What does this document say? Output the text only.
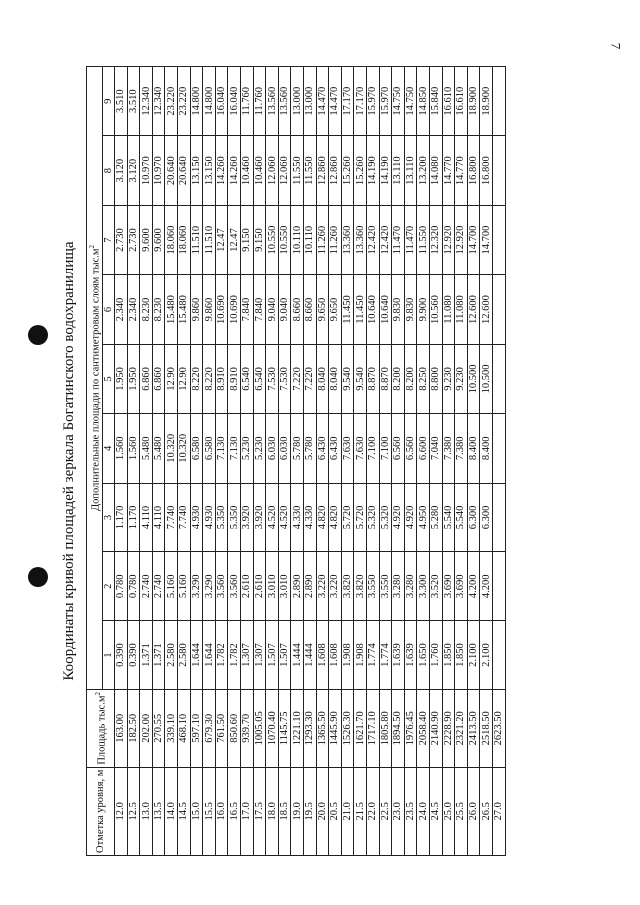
7
Координаты кривой площадей зеркала Богатинского водохранилища
Отметка уровня, м	Площадь $тыс.м^2$	Дополнительные площади по сантиметровым слоям $тыс.м^2$
		1	2	3	4	5	6	7	8	9
12.0	163.00	0.390	0.780	1.170	1.560	1.950	2.340	2.730	3.120	3.510
12.5	182.50	0.390	0.780	1.170	1.560	1.950	2.340	2.730	3.120	3.510
13.0	202.00	1.371	2.740	4.110	5.480	6.860	8.230	9.600	10.970	12.340
13.5	270.55	1.371	2.740	4.110	5.480	6.860	8.230	9.600	10.970	12.340
14.0	339.10	2.580	5.160	7.740	10.320	12.90	15.480	18.060	20.640	23.220
14.5	468.10	2.580	5.160	7.740	10.320	12.90	15.480	18.060	20.640	23.220
15.0	597.10	1.644	3.290	4.930	6.580	8.220	9.860	11.510	13.150	14.800
15.5	679.30	1.644	3.290	4.930	6.580	8.220	9.860	11.510	13.150	14.800
16.0	761.50	1.782	3.560	5.350	7.130	8.910	10.690	12.47	14.260	16.040
16.5	850.60	1.782	3.560	5.350	7.130	8.910	10.690	12.47	14.260	16.040
17.0	939.70	1.307	2.610	3.920	5.230	6.540	7.840	9.150	10.460	11.760
17.5	1005.05	1.307	2.610	3.920	5.230	6.540	7.840	9.150	10.460	11.760
18.0	1070.40	1.507	3.010	4.520	6.030	7.530	9.040	10.550	12.060	13.560
18.5	1145.75	1.507	3.010	4.520	6.030	7.530	9.040	10.550	12.060	13.560
19.0	1221.10	1.444	2.890	4.330	5.780	7.220	8.660	10.110	11.550	13.000
19.5	1293.30	1.444	2.890	4.330	5.780	7.220	8.660	10.110	11.550	13.000
20.0	1365.50	1.608	3.220	4.820	6.430	8.040	9.650	11.260	12.860	14.470
20.5	1445.90	1.608	3.220	4.820	6.430	8.040	9.650	11.260	12.860	14.470
21.0	1526.30	1.908	3.820	5.720	7.630	9.540	11.450	13.360	15.260	17.170
21.5	1621.70	1.908	3.820	5.720	7.630	9.540	11.450	13.360	15.260	17.170
22.0	1717.10	1.774	3.550	5.320	7.100	8.870	10.640	12.420	14.190	15.970
22.5	1805.80	1.774	3.550	5.320	7.100	8.870	10.640	12.420	14.190	15.970
23.0	1894.50	1.639	3.280	4.920	6.560	8.200	9.830	11.470	13.110	14.750
23.5	1976.45	1.639	3.280	4.920	6.560	8.200	9.830	11.470	13.110	14.750
24.0	2058.40	1.650	3.300	4.950	6.600	8.250	9.900	11.550	13.200	14.850
24.5	2140.90	1.760	3.520	5.280	7.040	8.800	10.560	12.320	14.080	15.840
25.0	2228.90	1.850	3.690	5.540	7.380	9.230	11.080	12.920	14.770	16.610
25.5	2321.20	1.850	3.690	5.540	7.380	9.230	11.080	12.920	14.770	16.610
26.0	2413.50	2.100	4.200	6.300	8.400	10.500	12.600	14.700	16.800	18.900
26.5	2518.50	2.100	4.200	6.300	8.400	10.500	12.600	14.700	16.800	18.900
27.0	2623.50									
